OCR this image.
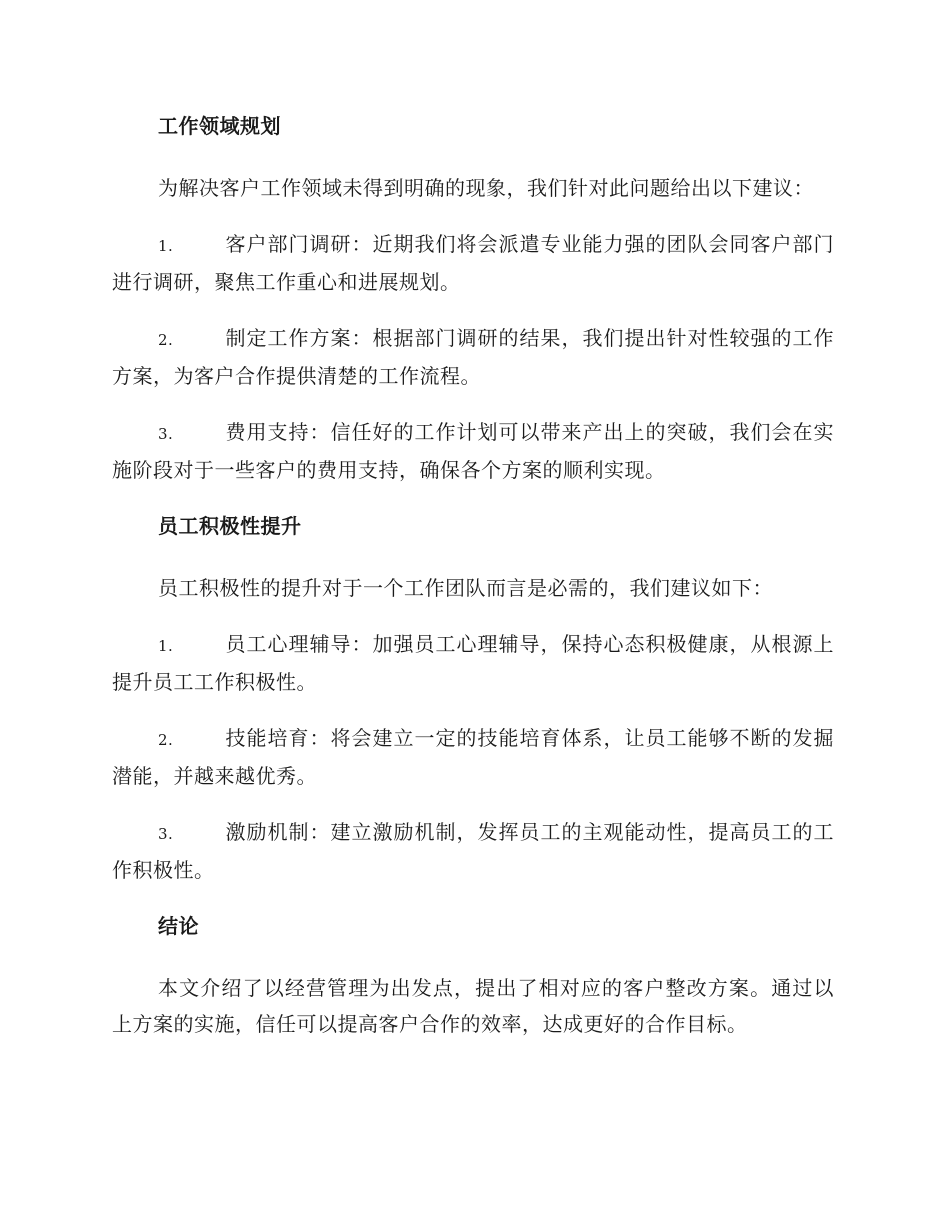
工作领域规划

为解决客户工作领域未得到明确的现象，我们针对此问题给出以下建议：

1.	客户部门调研：近期我们将会派遣专业能力强的团队会同客户部门进行调研，聚焦工作重心和进展规划。

2.	制定工作方案：根据部门调研的结果，我们提出针对性较强的工作方案，为客户合作提供清楚的工作流程。

3.	费用支持：信任好的工作计划可以带来产出上的突破，我们会在实施阶段对于一些客户的费用支持，确保各个方案的顺利实现。

员工积极性提升

员工积极性的提升对于一个工作团队而言是必需的，我们建议如下：

1.	员工心理辅导：加强员工心理辅导，保持心态积极健康，从根源上提升员工工作积极性。

2.	技能培育：将会建立一定的技能培育体系，让员工能够不断的发掘潜能，并越来越优秀。

3.	激励机制：建立激励机制，发挥员工的主观能动性，提高员工的工作积极性。

结论

本文介绍了以经营管理为出发点，提出了相对应的客户整改方案。通过以上方案的实施，信任可以提高客户合作的效率，达成更好的合作目标。
